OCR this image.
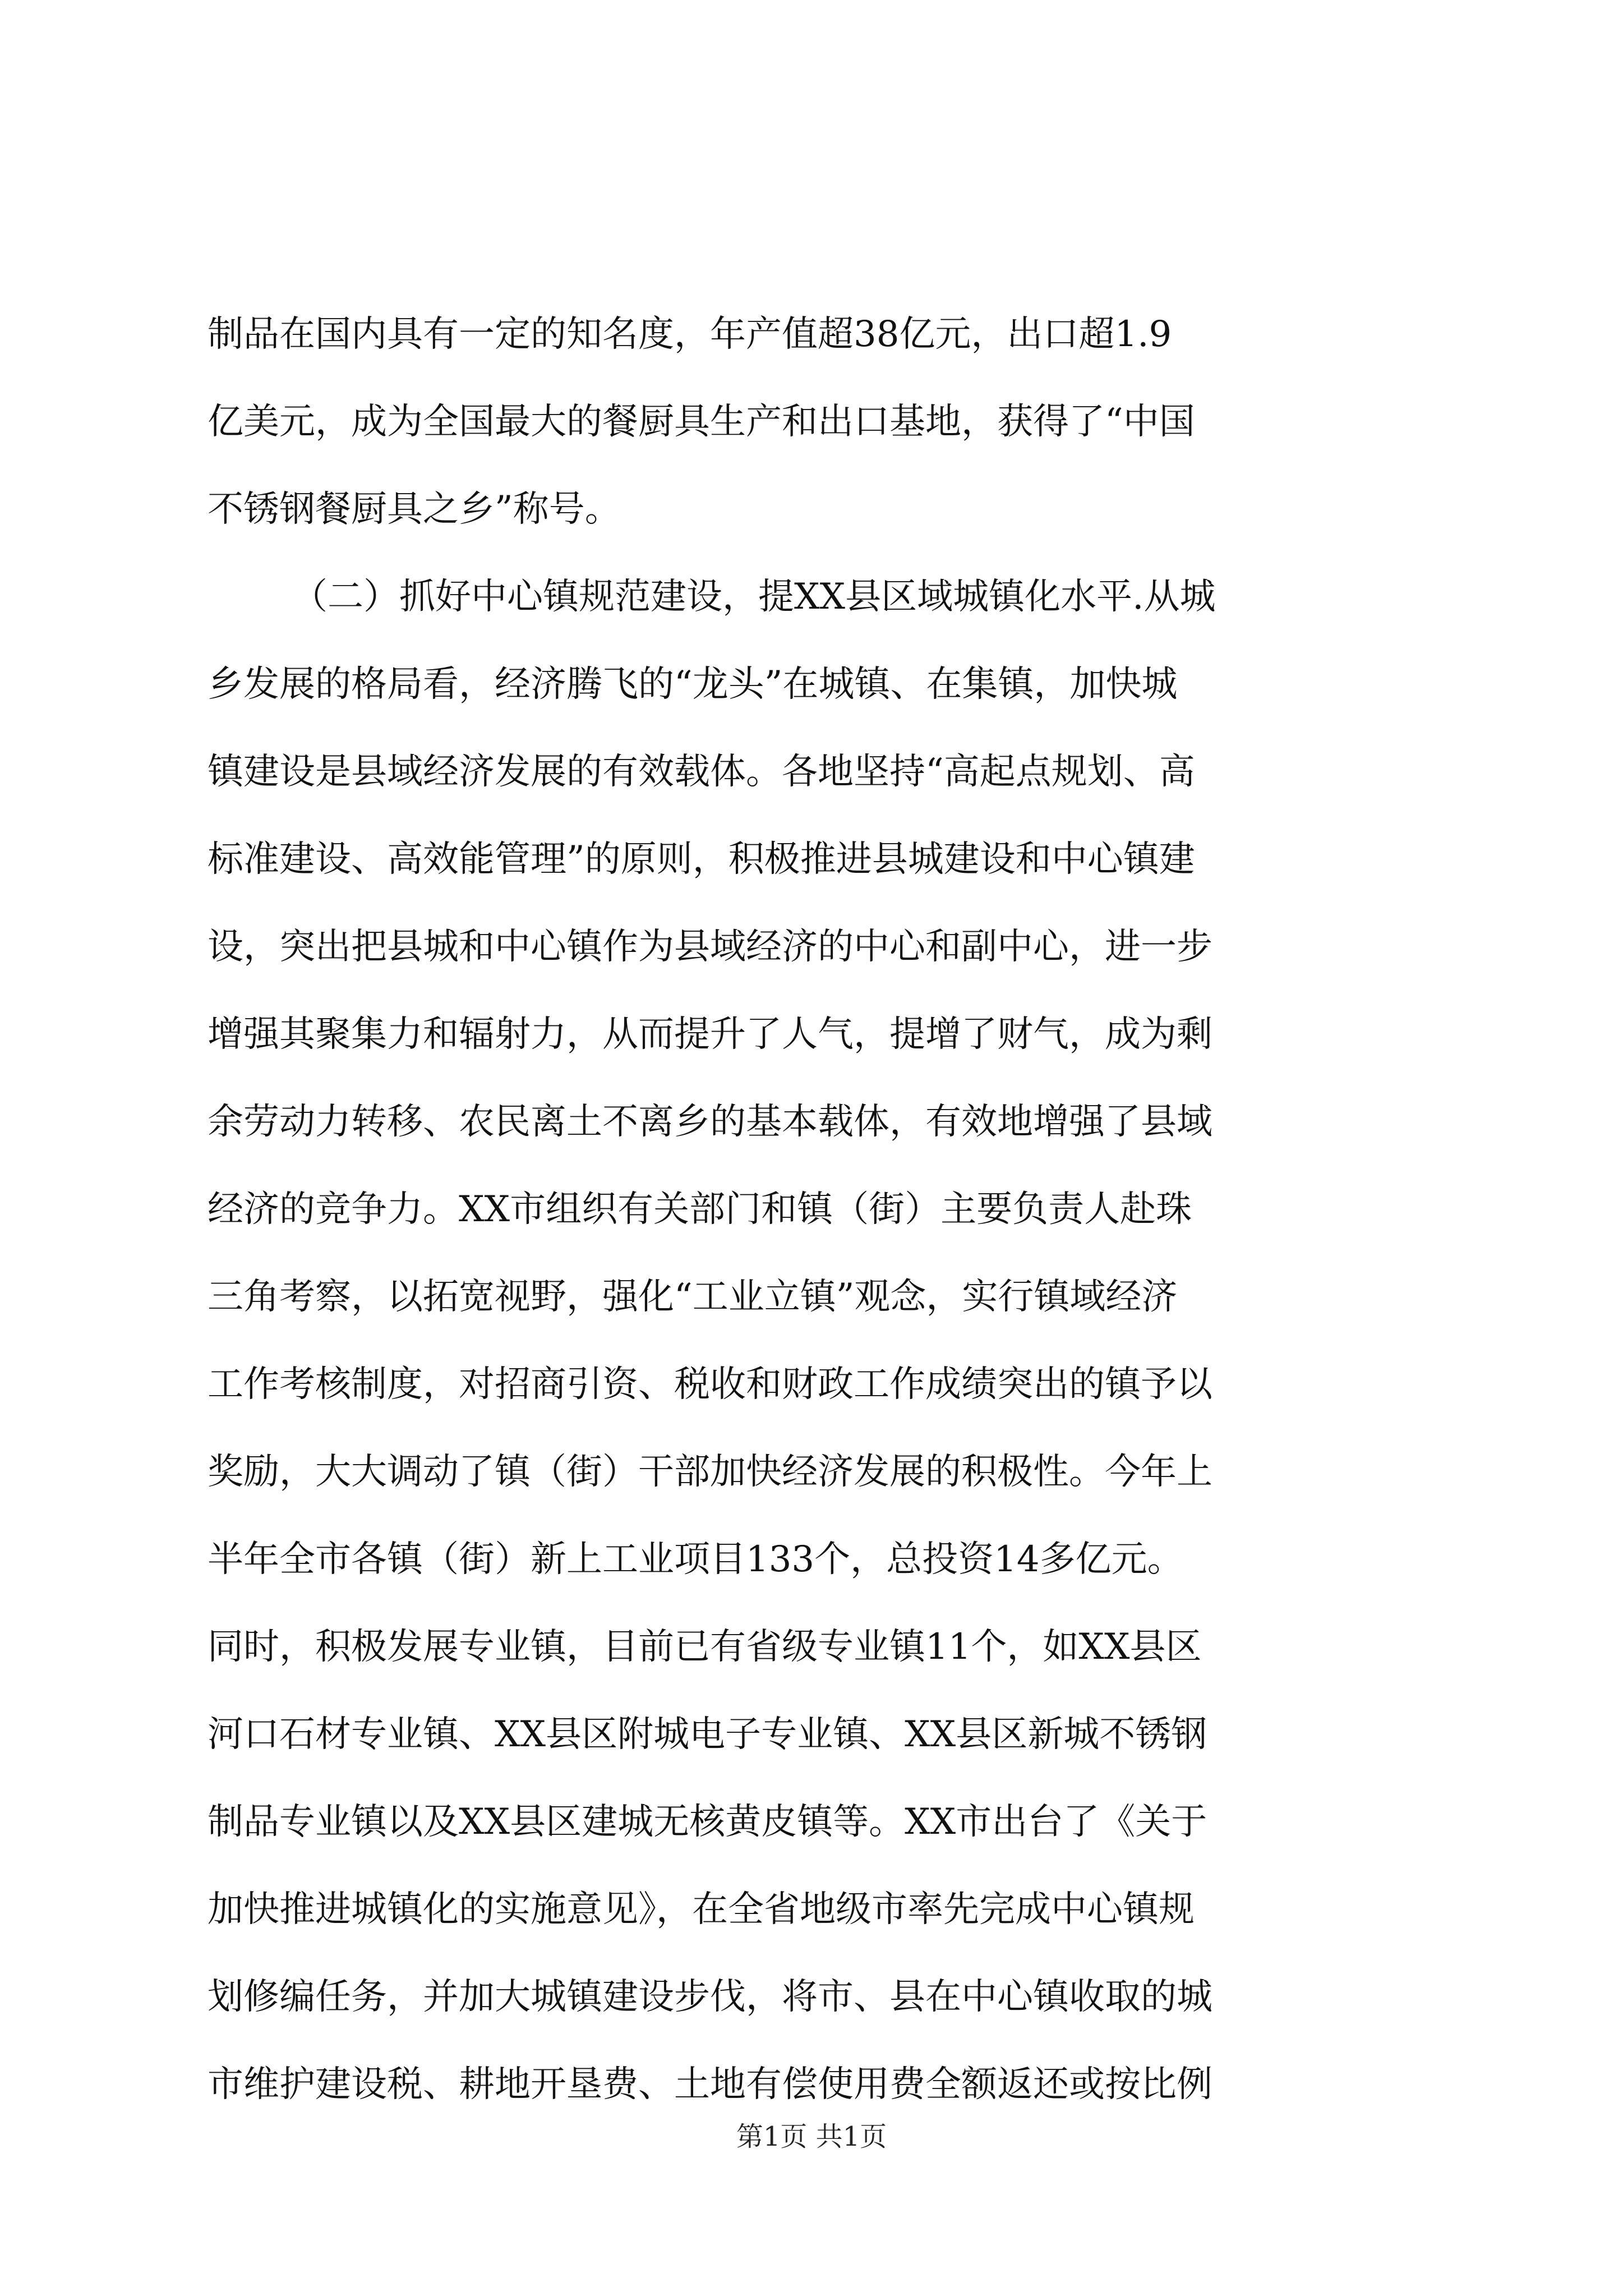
制品在国内具有一定的知名度，年产值超38亿元，出口超1.9
亿美元，成为全国最大的餐厨具生产和出口基地，获得了“中国
不锈钢餐厨具之乡”称号。
（二）抓好中心镇规范建设，提XX县区域城镇化水平.从城
乡发展的格局看，经济腾飞的“龙头”在城镇、在集镇，加快城
镇建设是县域经济发展的有效载体。各地坚持“高起点规划、高
标准建设、高效能管理”的原则，积极推进县城建设和中心镇建
设，突出把县城和中心镇作为县域经济的中心和副中心，进一步
增强其聚集力和辐射力，从而提升了人气，提增了财气，成为剩
余劳动力转移、农民离土不离乡的基本载体，有效地增强了县域
经济的竞争力。XX市组织有关部门和镇（街）主要负责人赴珠
三角考察，以拓宽视野，强化“工业立镇”观念，实行镇域经济
工作考核制度，对招商引资、税收和财政工作成绩突出的镇予以
奖励，大大调动了镇（街）干部加快经济发展的积极性。今年上
半年全市各镇（街）新上工业项目133个，总投资14多亿元。
同时，积极发展专业镇，目前已有省级专业镇11个，如XX县区
河口石材专业镇、XX县区附城电子专业镇、XX县区新城不锈钢
制品专业镇以及XX县区建城无核黄皮镇等。XX市出台了《关于
加快推进城镇化的实施意见》，在全省地级市率先完成中心镇规
划修编任务，并加大城镇建设步伐，将市、县在中心镇收取的城
市维护建设税、耕地开垦费、土地有偿使用费全额返还或按比例
第1页 共1页
